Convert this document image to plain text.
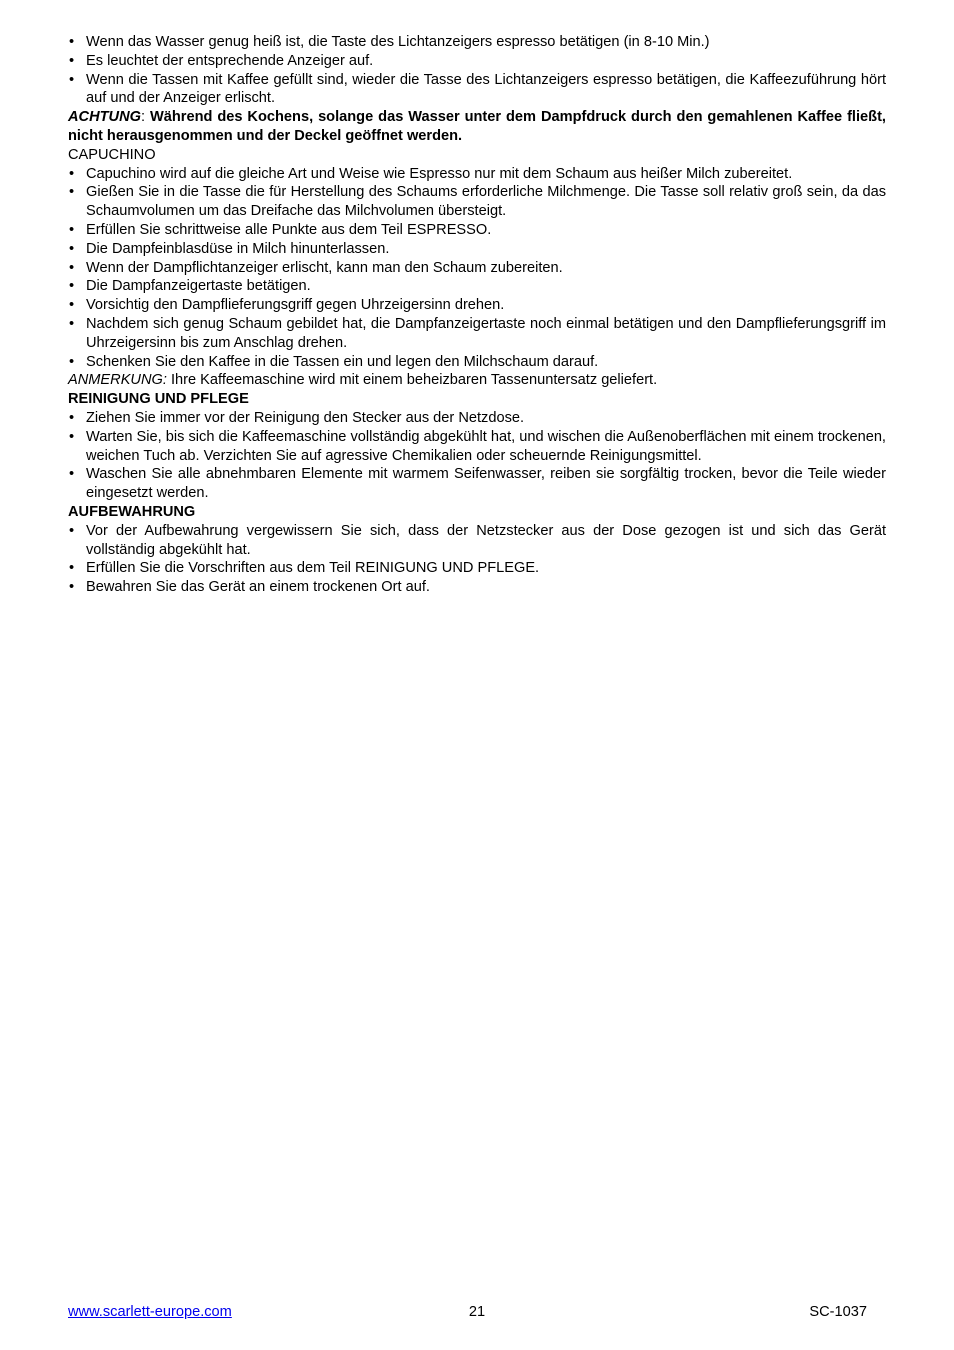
• Wenn das Wasser genug heiß ist, die Taste des Lichtanzeigers espresso betätigen (in 8-10 Min.)
• Es leuchtet der entsprechende Anzeiger auf.
• Wenn die Tassen mit Kaffee gefüllt sind, wieder die Tasse des Lichtanzeigers espresso betätigen, die Kaffeezuführung hört auf und der Anzeiger erlischt.

ACHTUNG: Während des Kochens, solange das Wasser unter dem Dampfdruck durch den gemahlenen Kaffee fließt, nicht herausgenommen und der Deckel geöffnet werden.

CAPUCHINO

• Capuchino wird auf die gleiche Art und Weise wie Espresso nur mit dem Schaum aus heißer Milch zubereitet.
• Gießen Sie in die Tasse die für Herstellung des Schaums erforderliche Milchmenge. Die Tasse soll relativ groß sein, da das Schaumvolumen um das Dreifache das Milchvolumen übersteigt.
• Erfüllen Sie schrittweise alle Punkte aus dem Teil ESPRESSO.
• Die Dampfeinblasdüse in Milch hinunterlassen.
• Wenn der Dampflichtanzeiger erlischt, kann man den Schaum zubereiten.
• Die Dampfanzeigertaste betätigen.
• Vorsichtig den Dampflieferungsgriff gegen Uhrzeigersinn drehen.
• Nachdem sich genug Schaum gebildet hat, die Dampfanzeigertaste noch einmal betätigen und den Dampflieferungsgriff im Uhrzeigersinn bis zum Anschlag drehen.
• Schenken Sie den Kaffee in die Tassen ein und legen den Milchschaum darauf.

ANMERKUNG: Ihre Kaffeemaschine wird mit einem beheizbaren Tassenuntersatz geliefert.

REINIGUNG UND PFLEGE

• Ziehen Sie immer vor der Reinigung den Stecker aus der Netzdose.
• Warten Sie, bis sich die Kaffeemaschine vollständig abgekühlt hat, und wischen die Außenoberflächen mit einem trockenen, weichen Tuch ab. Verzichten Sie auf agressive Chemikalien oder scheuernde Reinigungsmittel.
• Waschen Sie alle abnehmbaren Elemente mit warmem Seifenwasser, reiben sie sorgfältig trocken, bevor die Teile wieder eingesetzt werden.

AUFBEWAHRUNG

• Vor der Aufbewahrung vergewissern Sie sich, dass der Netzstecker aus der Dose gezogen ist und sich das Gerät vollständig abgekühlt hat.
• Erfüllen Sie die Vorschriften aus dem Teil REINIGUNG UND PFLEGE.
• Bewahren Sie das Gerät an einem trockenen Ort auf.
www.scarlett-europe.com	21	SC-1037
